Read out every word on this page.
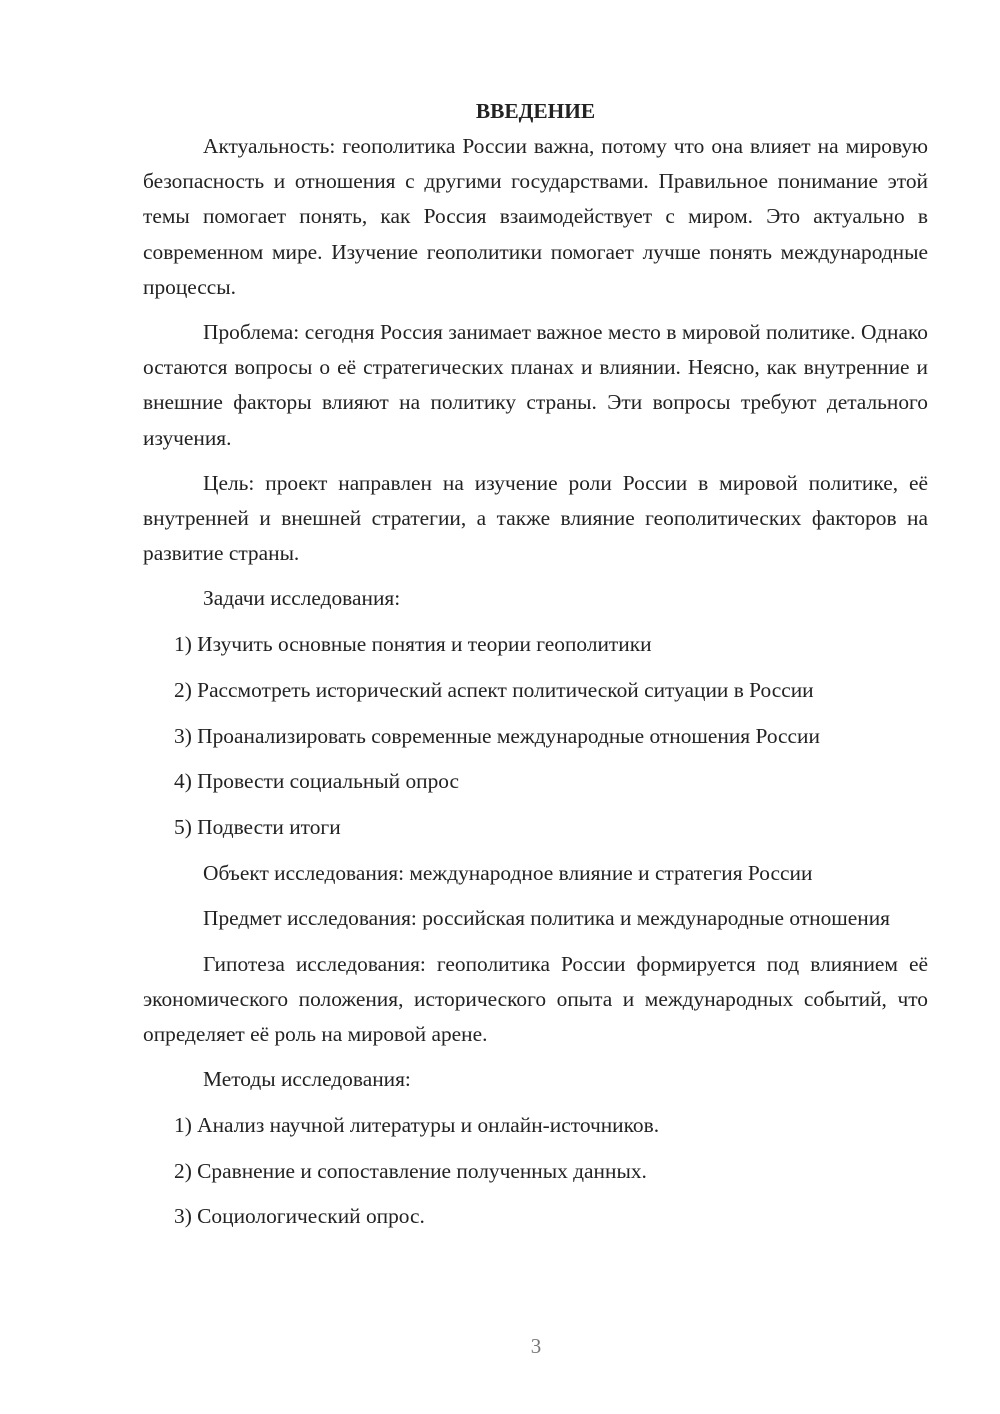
ВВЕДЕНИЕ

Актуальность: геополитика России важна, потому что она влияет на мировую безопасность и отношения с другими государствами. Правильное понимание этой темы помогает понять, как Россия взаимодействует с миром. Это актуально в современном мире. Изучение геополитики помогает лучше понять международные процессы.

Проблема: сегодня Россия занимает важное место в мировой политике. Однако остаются вопросы о её стратегических планах и влиянии. Неясно, как внутренние и внешние факторы влияют на политику страны. Эти вопросы требуют детального изучения.

Цель: проект направлен на изучение роли России в мировой политике, её внутренней и внешней стратегии, а также влияние геополитических факторов на развитие страны.

Задачи исследования:
1) Изучить основные понятия и теории геополитики
2) Рассмотреть исторический аспект политической ситуации в России
3) Проанализировать современные международные отношения России
4) Провести социальный опрос
5) Подвести итоги
Объект исследования: международное влияние и стратегия России

Предмет исследования: российская политика и международные отношения

Гипотеза исследования: геополитика России формируется под влиянием её экономического положения, исторического опыта и международных событий, что определяет её роль на мировой арене.

Методы исследования:
1) Анализ научной литературы и онлайн-источников.
2) Сравнение и сопоставление полученных данных.
3) Социологический опрос.
3
